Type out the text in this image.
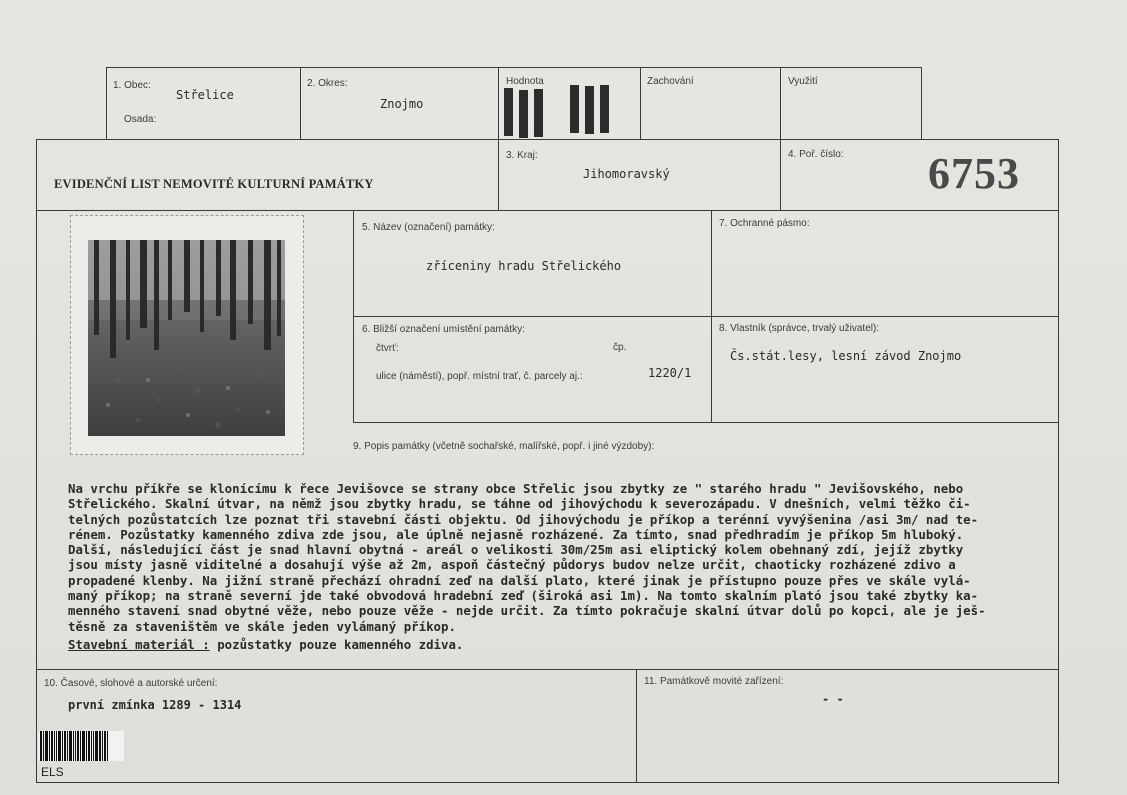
1. Obec:
Střelice
Osada:
2. Okres:
Znojmo
Hodnota	Zachování	Využití
EVIDENČNÍ LIST NEMOVITÉ KULTURNÍ PAMÁTKY
3. Kraj:
Jihomoravský
4. Poř. číslo: 6753
5. Název (označení) památky:
zříceniny hradu Střelického
7. Ochranné pásmo:
6. Bližší označení umístění památky:
čtvrť:	čp.
ulice (náměstí), popř. místní trať, č. parcely aj.:	1220/1
8. Vlastník (správce, trvalý uživatel):
Čs.stát.lesy, lesní závod Znojmo
9. Popis památky (včetně sochařské, malířské, popř. i jiné výzdoby):
Na vrchu příkře se klonícímu k řece Jevišovce se strany obce Střelic jsou zbytky ze " starého hradu " Jevišovského, nebo
Střelického. Skalní útvar, na němž jsou zbytky hradu, se táhne od jihovýchodu k severozápadu. V dnešních, velmi těžko či-
telných pozůstatcích lze poznat tři stavební části objektu. Od jihovýchodu je příkop a terénní vyvýšenina /asi 3m/ nad te-
rénem. Pozůstatky kamenného zdiva zde jsou, ale úplně nejasně rozházené. Za tímto, snad předhradím je příkop 5m hluboký.
Další, následující část je snad hlavní obytná - areál o velikosti 30m/25m asi eliptický kolem obehnaný zdí, jejíž zbytky
jsou místy jasně viditelné a dosahují výše až 2m, aspoň částečný půdorys budov nelze určit, chaoticky rozházené zdivo a
propadené klenby. Na jižní straně přechází ohradní zeď na další plato, které jinak je přístupno pouze přes ve skále vylá-
maný příkop; na straně severní jde také obvodová hradební zeď (široká asi 1m). Na tomto skalním plató jsou také zbytky ka-
menného stavení snad obytné věže, nebo pouze věže - nejde určit. Za tímto pokračuje skalní útvar dolů po kopci, ale je ješ-
těsně za staveništěm ve skále jeden vylámaný příkop.
Stavební materiál : pozůstatky pouze kamenného zdiva.
10. Časové, slohové a autorské určení:
první zmínka 1289 - 1314
11. Památkově movité zařízení:
- -
ELS
